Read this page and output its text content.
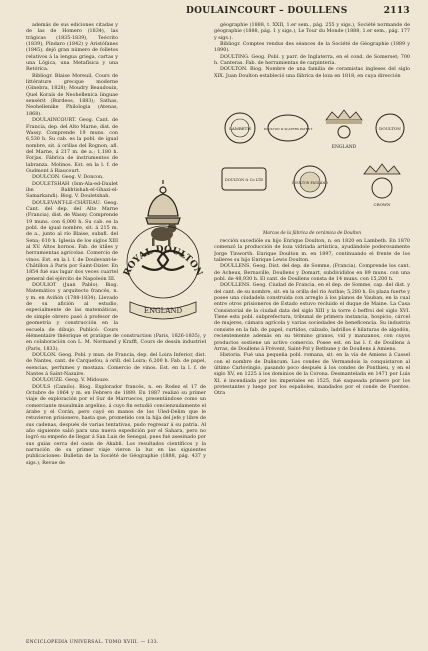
DOULAINCOURT – DOULLENS	2113

además de sus ediciones citadas y de las de Homero (1834), las trágicas (1835-1839), Teócrito (1839), Píndaro (1842) y Aristófanes (1845), dejó gran número de folletos relativos á la lengua griega, cartas y una Lógica, una Metafísica y una Retórica.

Bibliogr. Blaise Moreuil, Cours de littérature grecque moderne (Ginebra, 1828); Moudry Beaudouin, Quel Koraís de Neohellenica linguae sensérit (Burdeos, 1883); Sathas, Neohellenike Philologia (Atenas, 1868).

DOULAINCOURT. Geog. Cant. de Francia, dep. del Alto Marne, dist. de Wassy. Comprende 19 muns. con 6,530 h. Su cab. es la pobl. de igual nombre, sit. á orillas del Rognon, afl. del Marne, á 217 m. de a.; 1,180 h. Forjas. Fábrica de instrumentos de labranza. Molinos. Est. en la l. f. de Gudmont á Riaucourt.

DOULCON. Geog. V. Doncon.

DOULETSHAH (Ism-Ala-ed-Daulet ibn Bakhtishah-el-Ghazi-el-Samarkandi). Biog. V. Douletshah.

DOULEVANT-LE-CHÂTEAU. Geog. Cant. del dep. del Alto Marne (Francia), dist. de Wassy. Comprende 19 muns. con 6,000 h. Su cab. es la pobl. de igual nombre, sit. á 215 m. de a., junto al río Blaise, subafl. del Sena; 610 h. Iglesia de los siglos XIII al XV. Altos hornos. Fab. de útiles y herramientas agrícolas. Comercio de vinos. Est. en la l. f. de Doulevant-le-Châtillon á Paris por Saint-Dizier. En 1854 fué sus lugar dos veces cuartel general del ejército de Napoleón III.

DOULIOT (Juan Pablo). Biog. Matemático y arquitecto francés, n. y m. en Aviñón (1788-1834). Llevado de su afición al estudio, especialmente de las matemáticas, de simple obrero pasó á profesor de geometría y construcción en la escuela de dibujo. Publicó: Cours élémentaire théorique et pratique de construction (Paris, 1826-1835), y en colaboración con L. M. Normand y Krafft, Cours de dessin industriel (Paris, 1833).

DOULON. Geog. Pobl. y mun. de Francia, dep. del Loira Inferior, dist. de Nantes, cant. de Carquefou, á orill. del Loira; 6,200 h. Fab. de papel, esencias, perfumes y mostaza. Comercio de vinos. Est. en la l. f. de Nantes á Saint-Nazaire.

DOULOUZE. Geog. V. Midouze.

DOULS (Camilo). Biog. Explorador francés, n. en Rodez el 17 de Octubre de 1864 y m. en Febrero de 1889. En 1887 realizó su primer viaje de exploración por el Sur de Marruecos, presentándose como un comerciante musulmán argelino, á cuyo fin estudió concienzudamente el árabe y el Corán, pero cayó en manos de los Uled-Delim que le retuvieron prisionero, hasta que, prometido con la hija del jefe y libre de sus cadenas, después de varias tentativas, pudo regresar á su patria. Al año siguiente salió para una nueva expedición por el Sahara, pero no logró su empeño de llegar á San Luis de Senegal, pues fué asesinado por sus guías cerca del oasis de Akabli. Los resultados científicos y la narración de su primer viaje vieron la luz en las siguientes publicaciones: Bulletin de la Société de Géographie (1888, pág. 437 y sigs.), Revue de

ROYAL DOULTON
ENGLAND

géographie (1888, t. XXII, 1.er sem., pág. 255 y sigs.), Société normande de géographie (1888, pág. 1 y sigs.), Le Tour du Monde (1888, 1.er sem., pág. 177 y sigs.).

Bibliogr. Comptes rendus des séances de la Société de Géographie (1889 y 1890).

DOULTING. Geog. Pobl. y parr. de Inglaterra, en el cond. de Somerset; 700 h. Canteras. Fab. de herramientas de carpintería.

DOULTON. Biog. Nombre de una familia de ceramistas ingleses del siglo XIX. Juan Doulton estableció una fábrica de loza en 1818, en cuya dirección

rección sucedióle su hijo Enrique Doulton, n. en 1820 en Lambeth. En 1870 comenzó la producción de loza vidriada artística, ayudándole poderosamente Jorge Tinworth. Enrique Doulton m. en 1897, continuando el frente de los talleres su hijo Enrique Lewis Doulton.

DOULLENS. Geog. Dist. del dep. de Somme, (Francia). Comprende los cant. de Acheux, Bernaville, Doullens y Domart, subdivididos en 89 muns. con una pobl. de 48,930 h. El cant. de Doullens consta de 14 muns. con 15,200 h.

DOULLENS. Geog. Ciudad de Francia, en el dep. de Somme, cap. del dist. y del cant. de su nombre, sit. en la orilla del río Authie; 5,280 h. Es plaza fuerte y posee una ciudadela construida con arreglo á los planos de Vauban, en la cual entre otros prisioneros de Estado estuvo recluido el duque de Maine. La Casa Consistorial de la ciudad data del siglo XIII y la torre ó beffroi del siglo XVI. Tiene esta pobl. subprefectura, tribunal de primera instancia, hospicio, cárcel de mujeres, cámara agrícola y varias sociedades de beneficencia. Su industria consiste en la fab. de papel, curtidos, calzado, ladrillos é hilaturas de algodón, recientemente además en su término granos, vid y manzanos, con cuyos productos sostiene un activo comercio. Posee est. en las l. f. de Doullens á Arras, de Doullens á Frévent, Saint-Pol y Bethune y de Doullens á Amiens.

Historia. Fué una pequeña pobl. romana, sit. en la vía de Amiens á Cassel con el nombre de Dulincum. Los condes de Vermandois la conquistaron al último Carlovingio, pasando poco después á los condes de Ponthieu, y en el siglo XV, en 1225 á los dominios de la Corona. Desmantelada en 1471 por Luis XI, é incendiada por los imperiales en 1525, fué saqueada primero por los protestantes y luego por los españoles, mandados por el conde de Fuentes. Otra

LAMBETH	DOULTON & SLATERS PATENT
ENGLAND
DOULTON
DOULTON & Co LTD
DOULTON ENGLAND
CROWN
Marcas de la fábrica de cerámica de Doulton
ENCICLOPEDIA UNIVERSAL. TOMO XVIII. — 133.
